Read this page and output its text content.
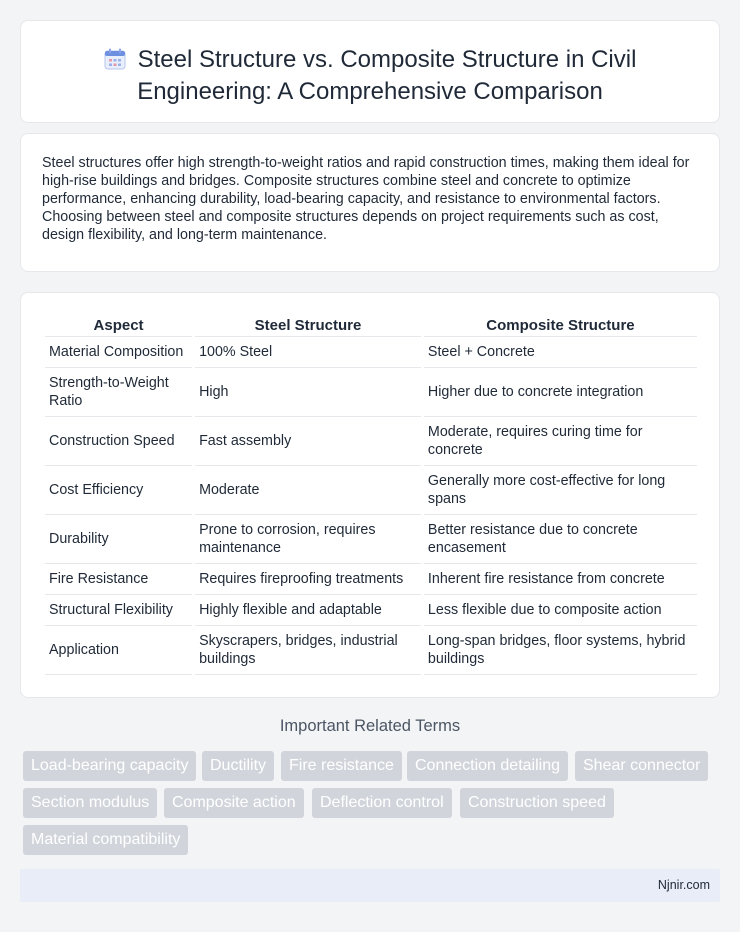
Steel Structure vs. Composite Structure in Civil
Engineering: A Comprehensive Comparison

Steel structures offer high strength-to-weight ratios and rapid construction times, making them ideal for high-rise buildings and bridges. Composite structures combine steel and concrete to optimize performance, enhancing durability, load-bearing capacity, and resistance to environmental factors. Choosing between steel and composite structures depends on project requirements such as cost, design flexibility, and long-term maintenance.

Aspect	Steel Structure	Composite Structure
Material Composition	100% Steel	Steel + Concrete
Strength-to-Weight Ratio	High	Higher due to concrete integration
Construction Speed	Fast assembly	Moderate, requires curing time for concrete
Cost Efficiency	Moderate	Generally more cost-effective for long spans
Durability	Prone to corrosion, requires maintenance	Better resistance due to concrete encasement
Fire Resistance	Requires fireproofing treatments	Inherent fire resistance from concrete
Structural Flexibility	Highly flexible and adaptable	Less flexible due to composite action
Application	Skyscrapers, bridges, industrial buildings	Long-span bridges, floor systems, hybrid buildings
Important Related Terms
Load-bearing capacity	Ductility	Fire resistance	Connection detailing	Shear connector
Section modulus	Composite action	Deflection control	Construction speed
Material compatibility
Njnir.com
